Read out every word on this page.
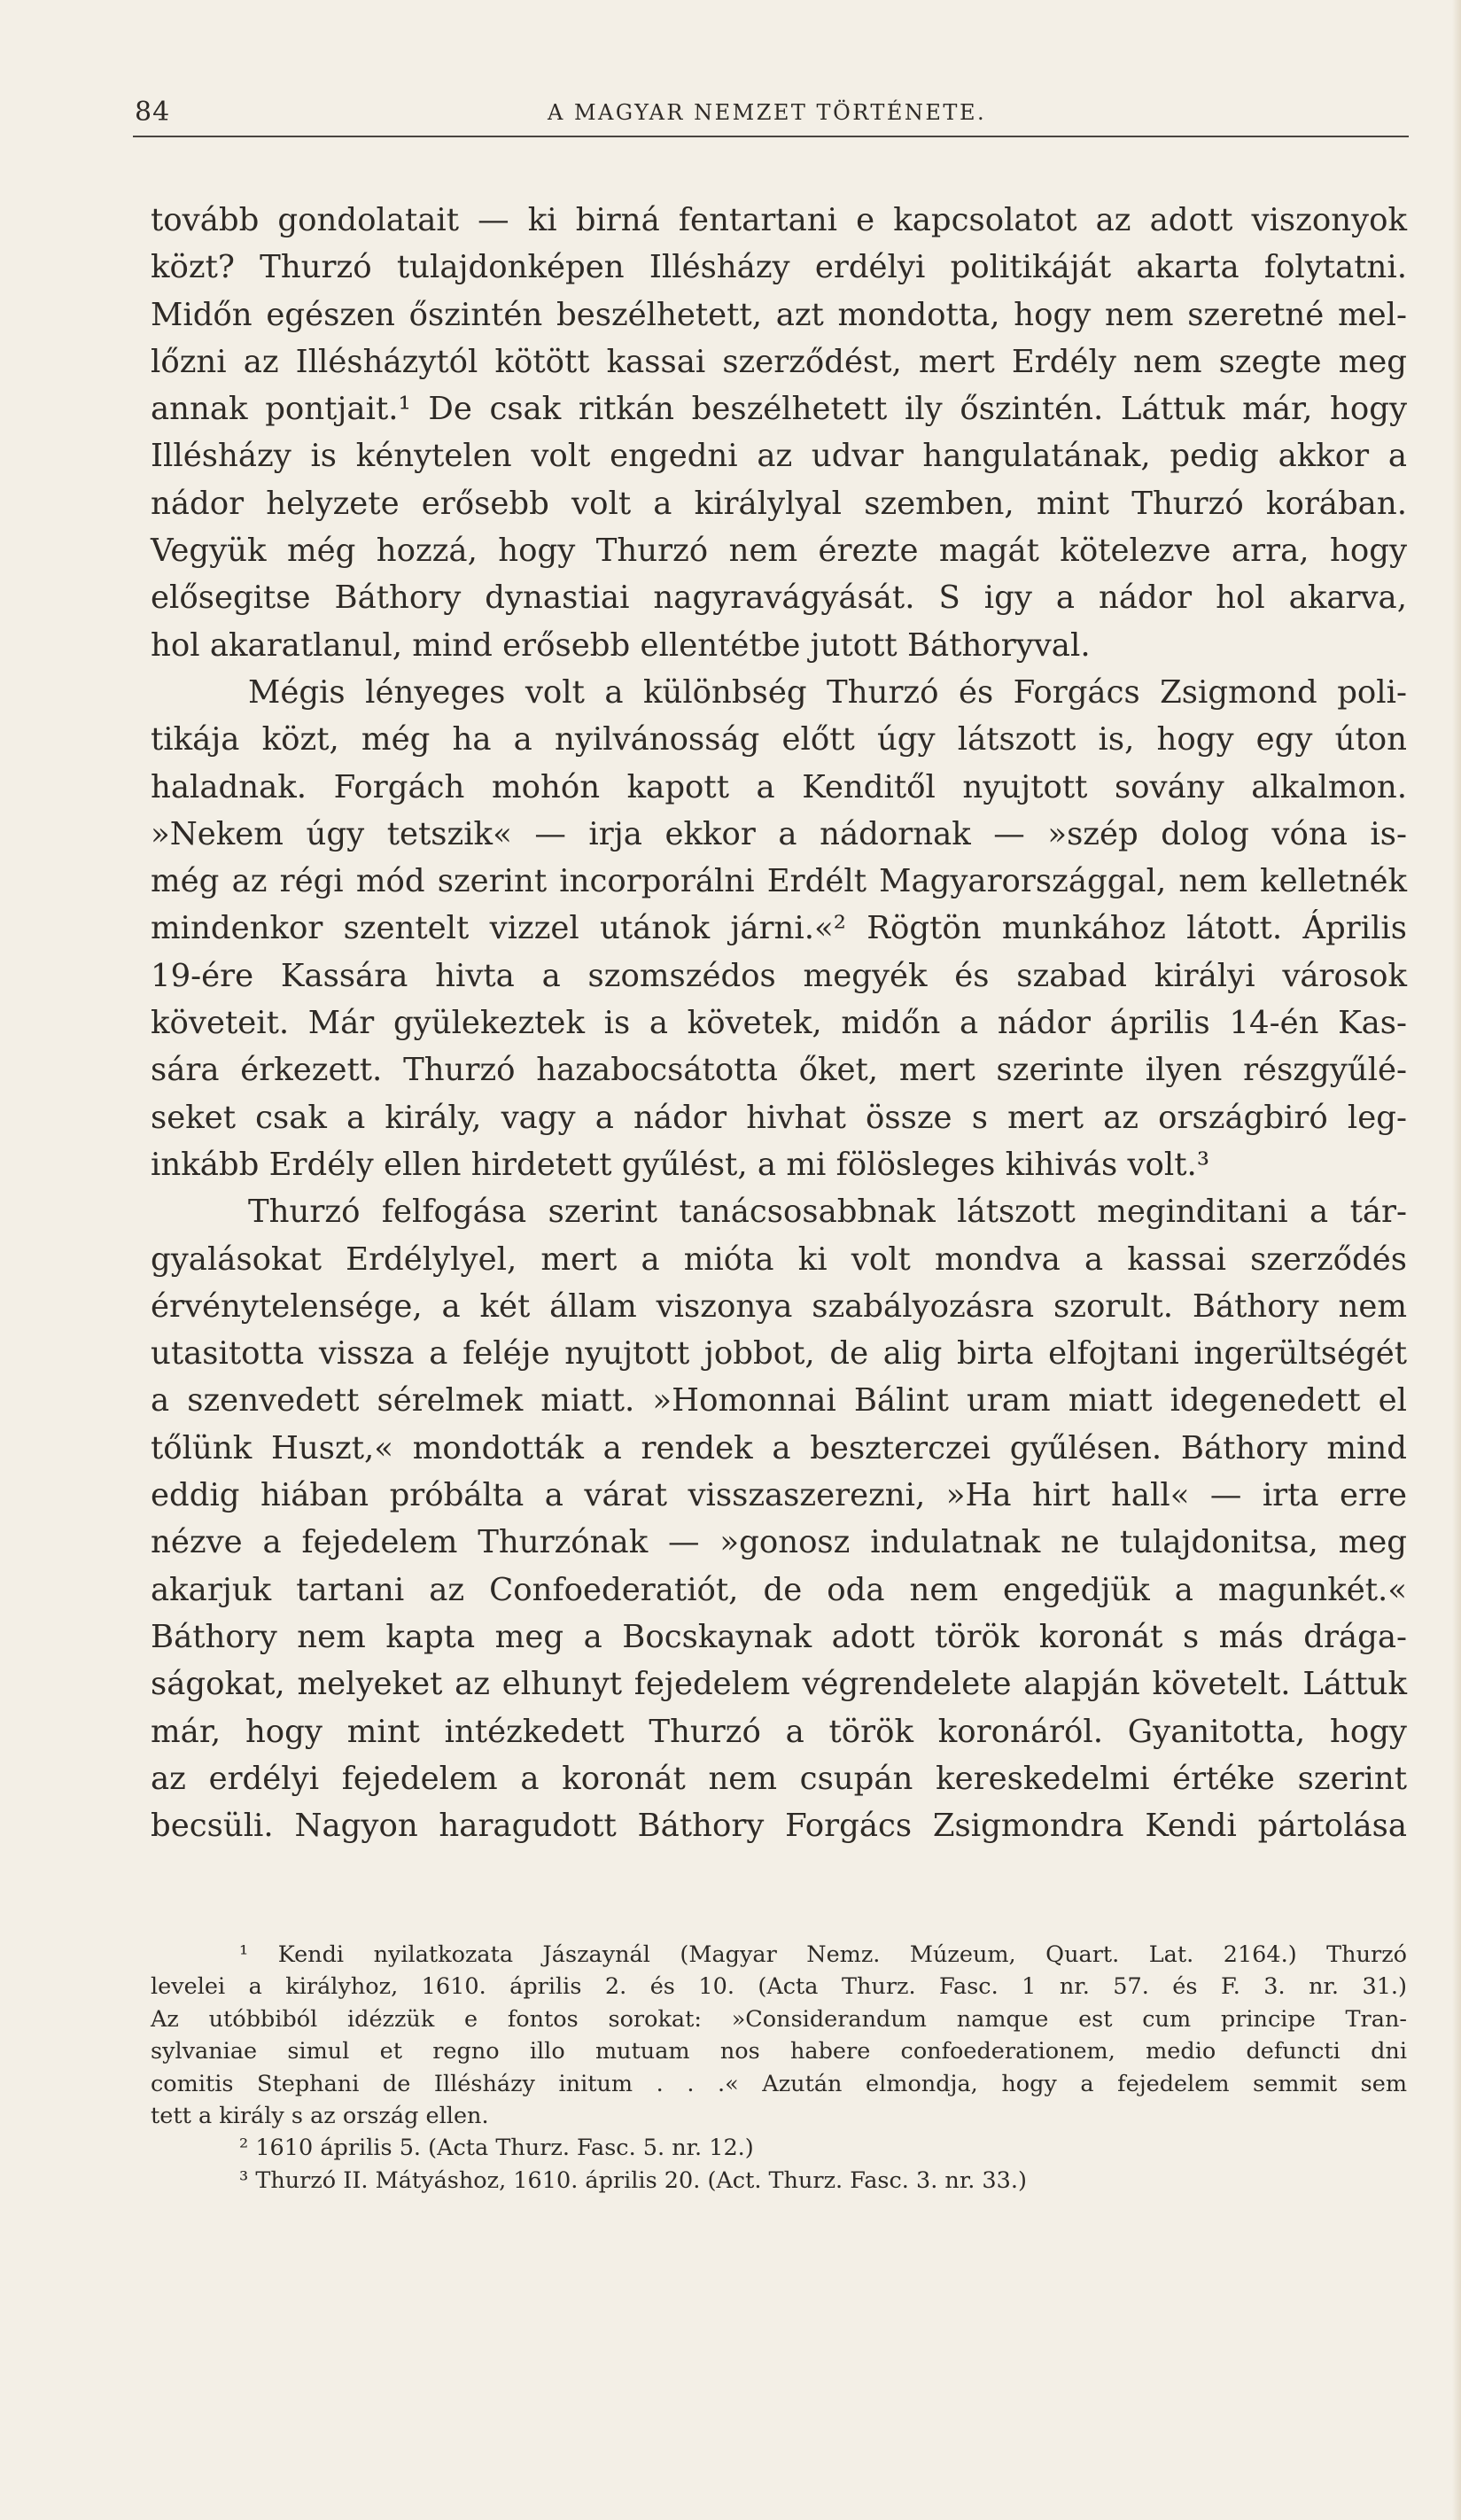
84	A MAGYAR NEMZET TÖRTÉNETE.
tovább gondolatait — ki birná fentartani e kapcsolatot az adott viszonyok
közt? Thurzó tulajdonképen Illésházy erdélyi politikáját akarta folytatni.
Midőn egészen őszintén beszélhetett, azt mondotta, hogy nem szeretné mel-
lőzni az Illésházytól kötött kassai szerződést, mert Erdély nem szegte meg
annak pontjait.¹ De csak ritkán beszélhetett ily őszintén. Láttuk már, hogy
Illésházy is kénytelen volt engedni az udvar hangulatának, pedig akkor a
nádor helyzete erősebb volt a királylyal szemben, mint Thurzó korában.
Vegyük még hozzá, hogy Thurzó nem érezte magát kötelezve arra, hogy
elősegitse Báthory dynastiai nagyravágyását. S igy a nádor hol akarva,
hol akaratlanul, mind erősebb ellentétbe jutott Báthoryval.
Mégis lényeges volt a különbség Thurzó és Forgács Zsigmond poli-
tikája közt, még ha a nyilvánosság előtt úgy látszott is, hogy egy úton
haladnak. Forgách mohón kapott a Kenditől nyujtott sovány alkalmon.
»Nekem úgy tetszik« — irja ekkor a nádornak — »szép dolog vóna is-
még az régi mód szerint incorporálni Erdélt Magyarországgal, nem kelletnék
mindenkor szentelt vizzel utánok járni.«² Rögtön munkához látott. Április
19-ére Kassára hivta a szomszédos megyék és szabad királyi városok
követeit. Már gyülekeztek is a követek, midőn a nádor április 14-én Kas-
sára érkezett. Thurzó hazabocsátotta őket, mert szerinte ilyen részgyűlé-
seket csak a király, vagy a nádor hivhat össze s mert az országbiró leg-
inkább Erdély ellen hirdetett gyűlést, a mi fölösleges kihivás volt.³
Thurzó felfogása szerint tanácsosabbnak látszott meginditani a tár-
gyalásokat Erdélylyel, mert a mióta ki volt mondva a kassai szerződés
érvénytelensége, a két állam viszonya szabályozásra szorult. Báthory nem
utasitotta vissza a feléje nyujtott jobbot, de alig birta elfojtani ingerültségét
a szenvedett sérelmek miatt. »Homonnai Bálint uram miatt idegenedett el
tőlünk Huszt,« mondották a rendek a beszterczei gyűlésen. Báthory mind
eddig hiában próbálta a várat visszaszerezni, »Ha hirt hall« — irta erre
nézve a fejedelem Thurzónak — »gonosz indulatnak ne tulajdonitsa, meg
akarjuk tartani az Confoederatiót, de oda nem engedjük a magunkét.«
Báthory nem kapta meg a Bocskaynak adott török koronát s más drága-
ságokat, melyeket az elhunyt fejedelem végrendelete alapján követelt. Láttuk
már, hogy mint intézkedett Thurzó a török koronáról. Gyanitotta, hogy
az erdélyi fejedelem a koronát nem csupán kereskedelmi értéke szerint
becsüli. Nagyon haragudott Báthory Forgács Zsigmondra Kendi pártolása
¹ Kendi nyilatkozata Jászaynál (Magyar Nemz. Múzeum, Quart. Lat. 2164.) Thurzó
levelei a királyhoz, 1610. április 2. és 10. (Acta Thurz. Fasc. 1 nr. 57. és F. 3. nr. 31.)
Az utóbbiból idézzük e fontos sorokat: »Considerandum namque est cum principe Tran-
sylvaniae simul et regno illo mutuam nos habere confoederationem, medio defuncti dni
comitis Stephani de Illésházy initum . . .« Azután elmondja, hogy a fejedelem semmit sem
tett a király s az ország ellen.
² 1610 április 5. (Acta Thurz. Fasc. 5. nr. 12.)
³ Thurzó II. Mátyáshoz, 1610. április 20. (Act. Thurz. Fasc. 3. nr. 33.)
